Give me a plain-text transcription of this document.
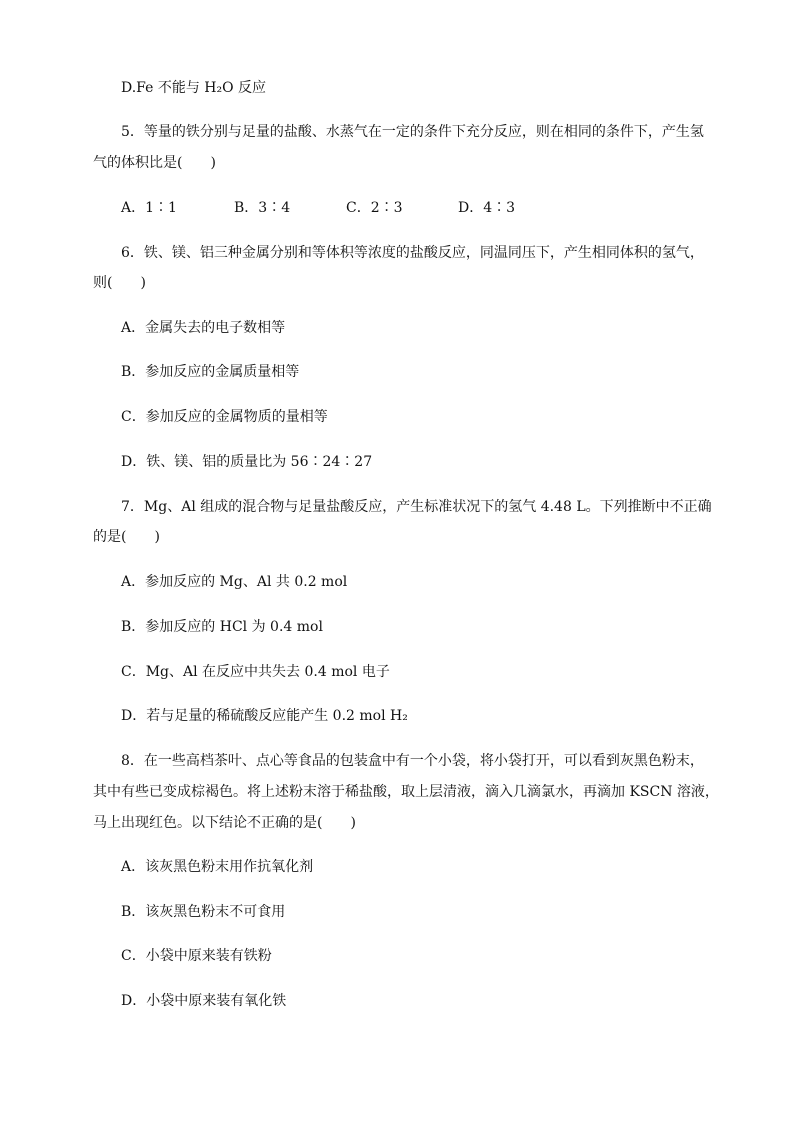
D.Fe 不能与 H₂O 反应
5．等量的铁分别与足量的盐酸、水蒸气在一定的条件下充分反应，则在相同的条件下，产生氢
气的体积比是(　　)
A．1∶1	B．3∶4	C．2∶3	D．4∶3
6．铁、镁、铝三种金属分别和等体积等浓度的盐酸反应，同温同压下，产生相同体积的氢气，
则(　　)
A．金属失去的电子数相等
B．参加反应的金属质量相等
C．参加反应的金属物质的量相等
D．铁、镁、铝的质量比为 56∶24∶27
7．Mg、Al 组成的混合物与足量盐酸反应，产生标准状况下的氢气 4.48 L。下列推断中不正确
的是(　　)
A．参加反应的 Mg、Al 共 0.2 mol
B．参加反应的 HCl 为 0.4 mol
C．Mg、Al 在反应中共失去 0.4 mol 电子
D．若与足量的稀硫酸反应能产生 0.2 mol H₂
8．在一些高档茶叶、点心等食品的包装盒中有一个小袋，将小袋打开，可以看到灰黑色粉末，
其中有些已变成棕褐色。将上述粉末溶于稀盐酸，取上层清液，滴入几滴氯水，再滴加 KSCN 溶液，
马上出现红色。以下结论不正确的是(　　)
A．该灰黑色粉末用作抗氧化剂
B．该灰黑色粉末不可食用
C．小袋中原来装有铁粉
D．小袋中原来装有氧化铁
